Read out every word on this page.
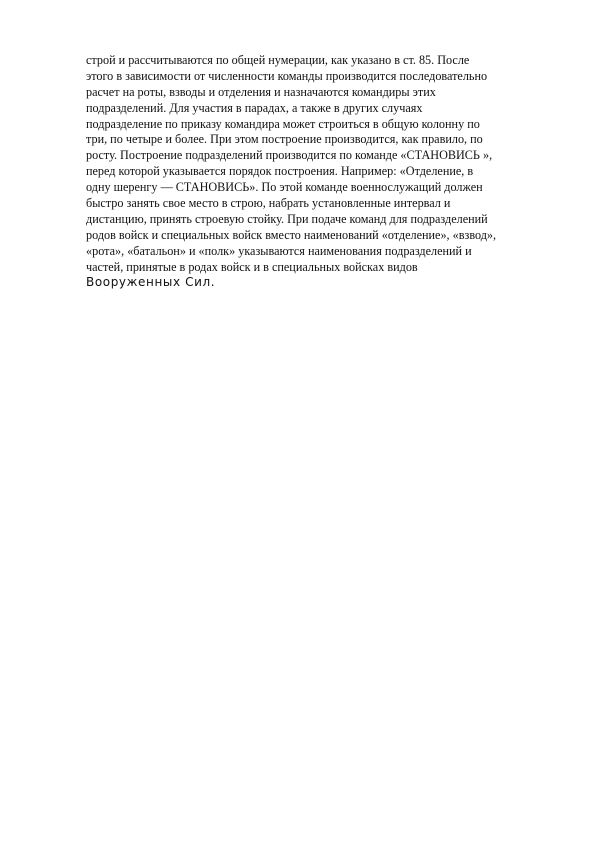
строй и рассчитываются по общей нумерации, как указано в ст. 85. После
этого в зависимости от численности команды производится последовательно
расчет на роты, взводы и отделения и назначаются командиры этих
подразделений. Для участия в парадах, а также в других случаях
подразделение по приказу командира может строиться в общую колонну по
три, по четыре и более. При этом построение производится, как правило, по
росту. Построение подразделений производится по команде «СТАНОВИСЬ »,
перед которой указывается порядок построения. Например: «Отделение, в
одну шеренгу — СТАНОВИСЬ». По этой команде военнослужащий должен
быстро занять свое место в строю, набрать установленные интервал и
дистанцию, принять строевую стойку. При подаче команд для подразделений
родов войск и специальных войск вместо наименований «отделение», «взвод»,
«рота», «батальон» и «полк» указываются наименования подразделений и
частей, принятые в родах войск и в специальных войсках видов
Вооруженных Сил.
